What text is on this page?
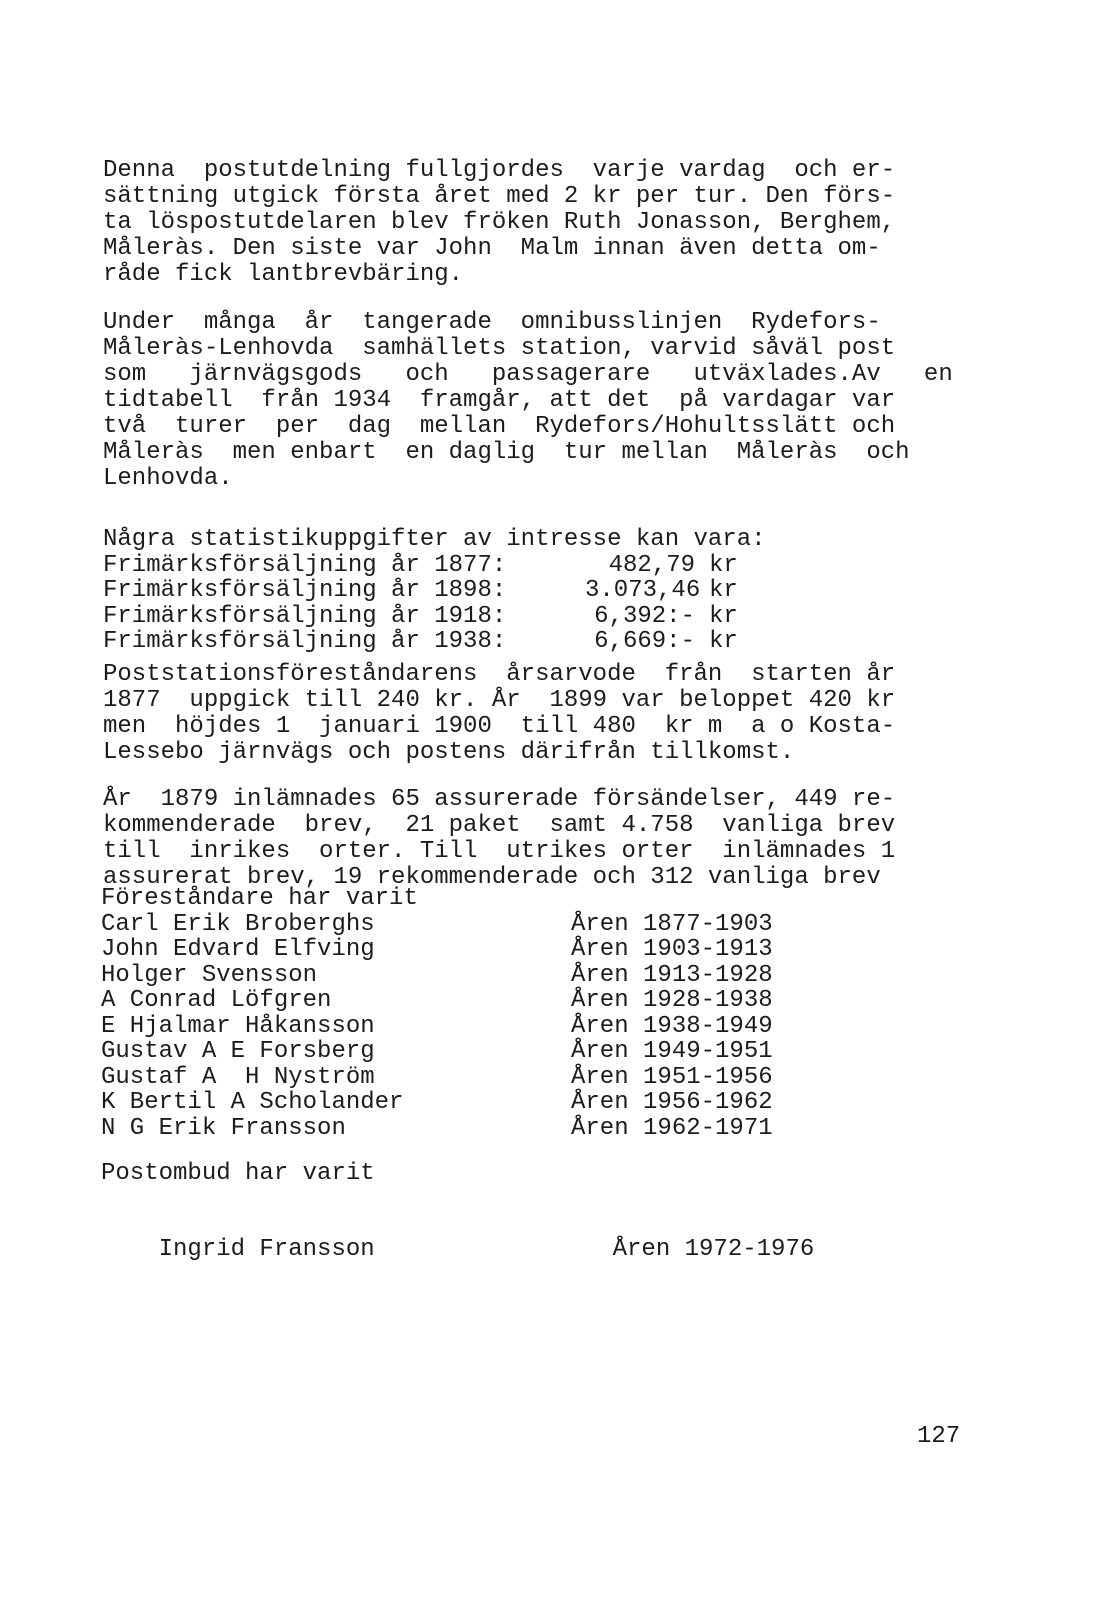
Denna  postutdelning fullgjordes  varje vardag  och er-
sättning utgick första året med 2 kr per tur. Den förs-
ta löspostutdelaren blev fröken Ruth Jonasson, Berghem,
Måleràs. Den siste var John  Malm innan även detta om-
råde fick lantbrevbäring.
Under  många  år  tangerade  omnibusslinjen  Rydefors-
Måleràs-Lenhovda  samhällets station, varvid såväl post
som   järnvägsgods   och   passagerare   utväxlades.Av   en
tidtabell  från 1934  framgår, att det  på vardagar var
två  turer  per  dag  mellan  Rydefors/Hohultsslätt och
Måleràs  men enbart  en daglig  tur mellan  Måleràs  och
Lenhovda.
Några statistikuppgifter av intresse kan vara:
Frimärksförsäljning år 1877:	482,79 kr
Frimärksförsäljning år 1898:	3.073,46 kr
Frimärksförsäljning år 1918:	6,392:- kr
Frimärksförsäljning år 1938:	6,669:- kr
Poststationsföreståndarens  årsarvode  från  starten år
1877  uppgick till 240 kr. År  1899 var beloppet 420 kr
men  höjdes 1  januari 1900  till 480  kr m  a o Kosta-
Lessebo järnvägs och postens därifrån tillkomst.
År  1879 inlämnades 65 assurerade försändelser, 449 re-
kommenderade  brev,  21 paket  samt 4.758  vanliga brev
till  inrikes  orter. Till  utrikes orter  inlämnades 1
assurerat brev, 19 rekommenderade och 312 vanliga brev
Föreståndare har varit
Carl Erik Broberghs	Åren 1877-1903
John Edvard Elfving	Åren 1903-1913
Holger Svensson	Åren 1913-1928
A Conrad Löfgren	Åren 1928-1938
E Hjalmar Håkansson	Åren 1938-1949
Gustav A E Forsberg	Åren 1949-1951
Gustaf A  H Nyström	Åren 1951-1956
K Bertil A Scholander	Åren 1956-1962
N G Erik Fransson	Åren 1962-1971
Postombud har varit

Ingrid Fransson	Åren 1972-1976

127
